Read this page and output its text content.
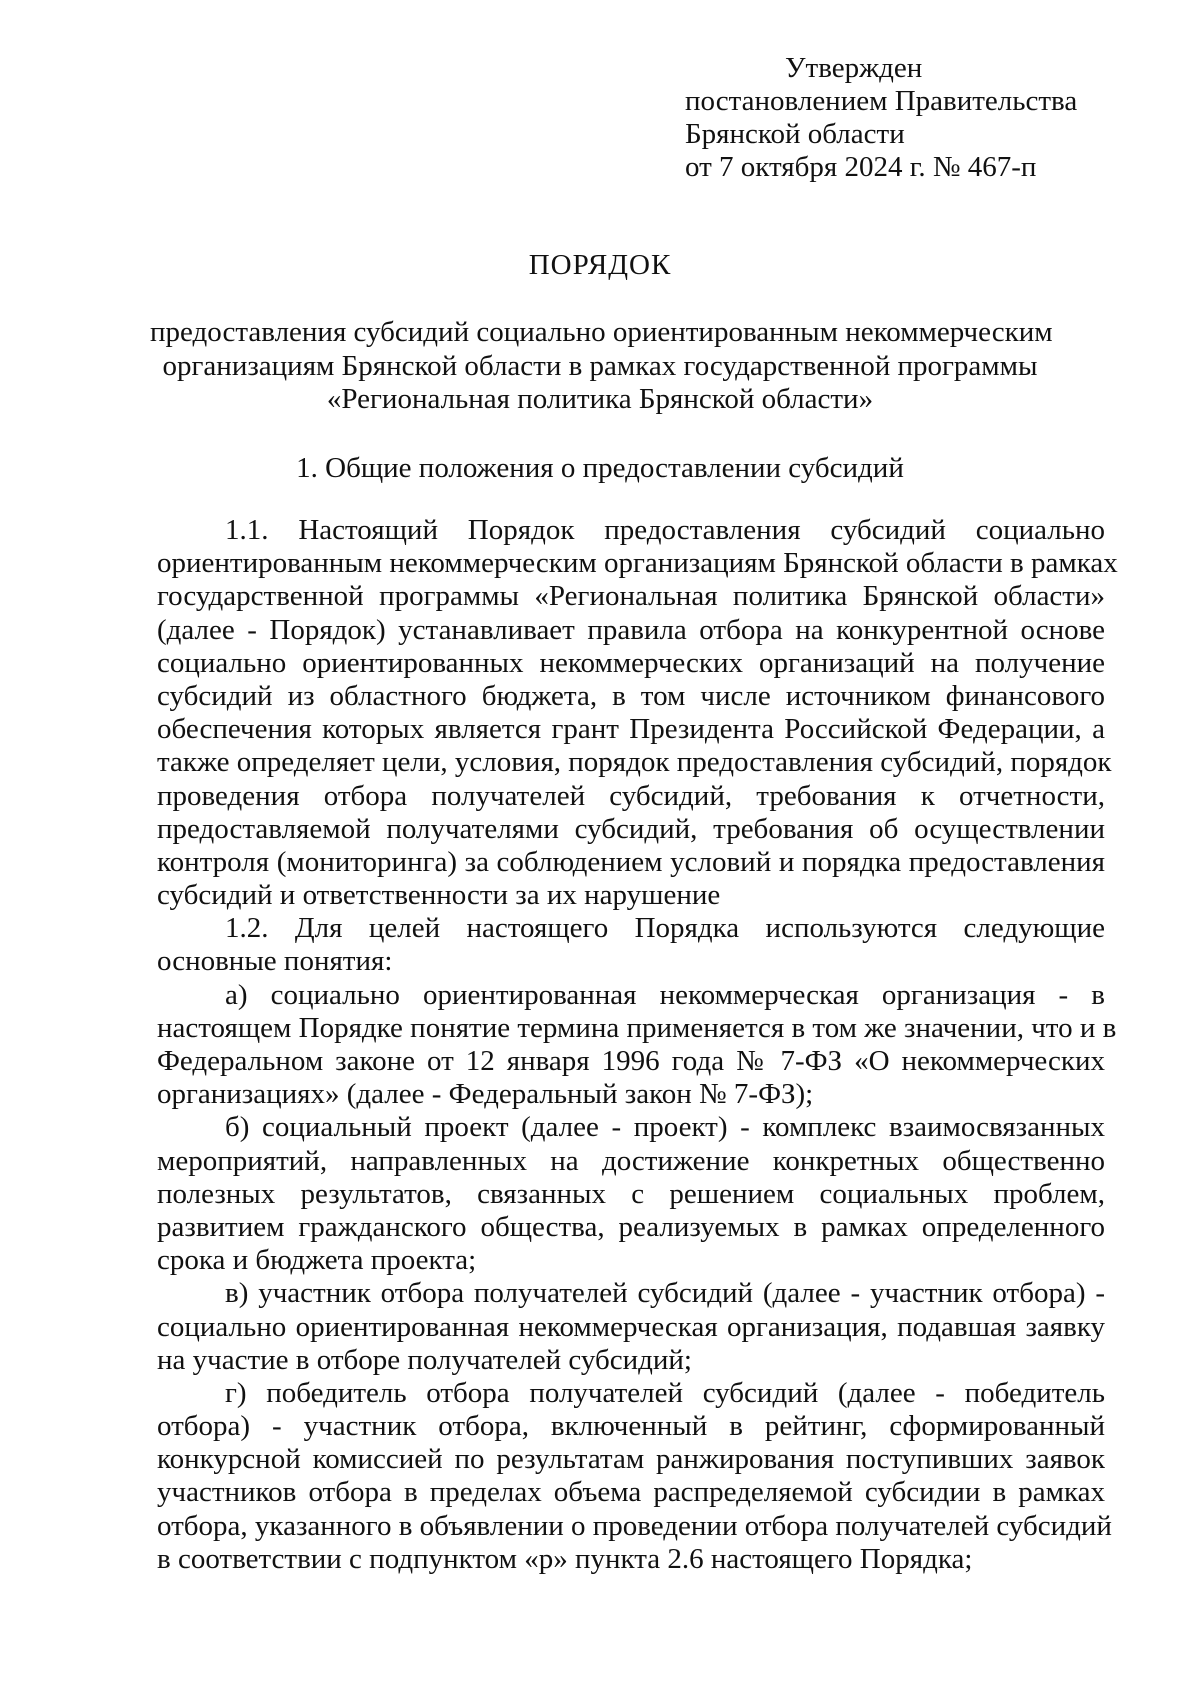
Утвержден
постановлением Правительства
Брянской области
от 7 октября 2024 г. № 467-п
ПОРЯДОК
предоставления субсидий социально ориентированным некоммерческим
организациям Брянской области в рамках государственной программы
«Региональная политика Брянской области»
1. Общие положения о предоставлении субсидий
1.1. Настоящий Порядок предоставления субсидий социально
ориентированным некоммерческим организациям Брянской области в рамках
государственной программы «Региональная политика Брянской области»
(далее - Порядок) устанавливает правила отбора на конкурентной основе
социально ориентированных некоммерческих организаций на получение
субсидий из областного бюджета, в том числе источником финансового
обеспечения которых является грант Президента Российской Федерации, а
также определяет цели, условия, порядок предоставления субсидий, порядок
проведения отбора получателей субсидий, требования к отчетности,
предоставляемой получателями субсидий, требования об осуществлении
контроля (мониторинга) за соблюдением условий и порядка предоставления
субсидий и ответственности за их нарушение
1.2. Для целей настоящего Порядка используются следующие
основные понятия:
а) социально ориентированная некоммерческая организация - в
настоящем Порядке понятие термина применяется в том же значении, что и в
Федеральном законе от 12 января 1996 года № 7-ФЗ «О некоммерческих
организациях» (далее - Федеральный закон № 7-ФЗ);
б) социальный проект (далее - проект) - комплекс взаимосвязанных
мероприятий, направленных на достижение конкретных общественно
полезных результатов, связанных с решением социальных проблем,
развитием гражданского общества, реализуемых в рамках определенного
срока и бюджета проекта;
в) участник отбора получателей субсидий (далее - участник отбора) -
социально ориентированная некоммерческая организация, подавшая заявку
на участие в отборе получателей субсидий;
г) победитель отбора получателей субсидий (далее - победитель
отбора) - участник отбора, включенный в рейтинг, сформированный
конкурсной комиссией по результатам ранжирования поступивших заявок
участников отбора в пределах объема распределяемой субсидии в рамках
отбора, указанного в объявлении о проведении отбора получателей субсидий
в соответствии с подпунктом «р» пункта 2.6 настоящего Порядка;
